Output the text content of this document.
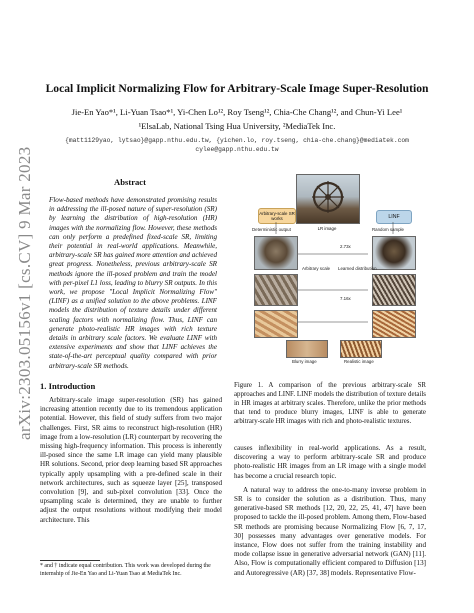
arXiv:2303.05156v1 [cs.CV] 9 Mar 2023
Local Implicit Normalizing Flow for Arbitrary-Scale Image Super-Resolution
Jie-En Yao*¹, Li-Yuan Tsao*¹, Yi-Chen Lo¹², Roy Tseng¹², Chia-Che Chang¹², and Chun-Yi Lee¹
¹ElsaLab, National Tsing Hua University, ²MediaTek Inc.
{matt1129yao, lytsao}@gapp.nthu.edu.tw, {yichen.lo, roy.tseng, chia-che.chang}@mediatek.com
cylee@gapp.nthu.edu.tw
Abstract
Flow-based methods have demonstrated promising results in addressing the ill-posed nature of super-resolution (SR) by learning the distribution of high-resolution (HR) images with the normalizing flow. However, these methods can only perform a predefined fixed-scale SR, limiting their potential in real-world applications. Meanwhile, arbitrary-scale SR has gained more attention and achieved great progress. Nonetheless, previous arbitrary-scale SR methods ignore the ill-posed problem and train the model with per-pixel L1 loss, leading to blurry SR outputs. In this work, we propose "Local Implicit Normalizing Flow" (LINF) as a unified solution to the above problems. LINF models the distribution of texture details under different scaling factors with normalizing flow. Thus, LINF can generate photo-realistic HR images with rich texture details in arbitrary scale factors. We evaluate LINF with extensive experiments and show that LINF achieves the state-of-the-art perceptual quality compared with prior arbitrary-scale SR methods.
1. Introduction

Arbitrary-scale image super-resolution (SR) has gained increasing attention recently due to its tremendous application potential. However, this field of study suffers from two major challenges. First, SR aims to reconstruct high-resolution (HR) image from a low-resolution (LR) counterpart by recovering the missing high-frequency information. This process is inherently ill-posed since the same LR image can yield many plausible HR solutions. Second, prior deep learning based SR approaches typically apply upsampling with a pre-defined scale in their network architectures, such as squeeze layer [25], transposed convolution [9], and sub-pixel convolution [33]. Once the upsampling scale is determined, they are unable to further adjust the output resolutions without modifying their model architecture. This

* and † indicate equal contribution. This work was developed during the internship of Jie-En Yao and Li-Yuan Tsao at MediaTek Inc.
Arbitrary-scale SR works
LR image
LINF
Deterministic output	Random sample
Arbitrary scale
2.73x
Learned distribution
7.16x
Blurry image	Realistic image
Figure 1. A comparison of the previous arbitrary-scale SR approaches and LINF. LINF models the distribution of texture details in HR images at arbitrary scales. Therefore, unlike the prior methods that tend to produce blurry images, LINF is able to generate arbitrary-scale HR images with rich and photo-realistic textures.

causes inflexibility in real-world applications. As a result, discovering a way to perform arbitrary-scale SR and produce photo-realistic HR images from an LR image with a single model has become a crucial research topic.

A natural way to address the one-to-many inverse problem in SR is to consider the solution as a distribution. Thus, many generative-based SR methods [12, 20, 22, 25, 41, 47] have been proposed to tackle the ill-posed problem. Among them, Flow-based SR methods are promising because Normalizing Flow [6, 7, 17, 30] possesses many advantages over generative models. For instance, Flow does not suffer from the training instability and mode collapse issue in generative adversarial network (GAN) [11]. Also, Flow is computationally efficient compared to Diffusion [13] and Autoregressive (AR) [37, 38] models. Representative Flow-
